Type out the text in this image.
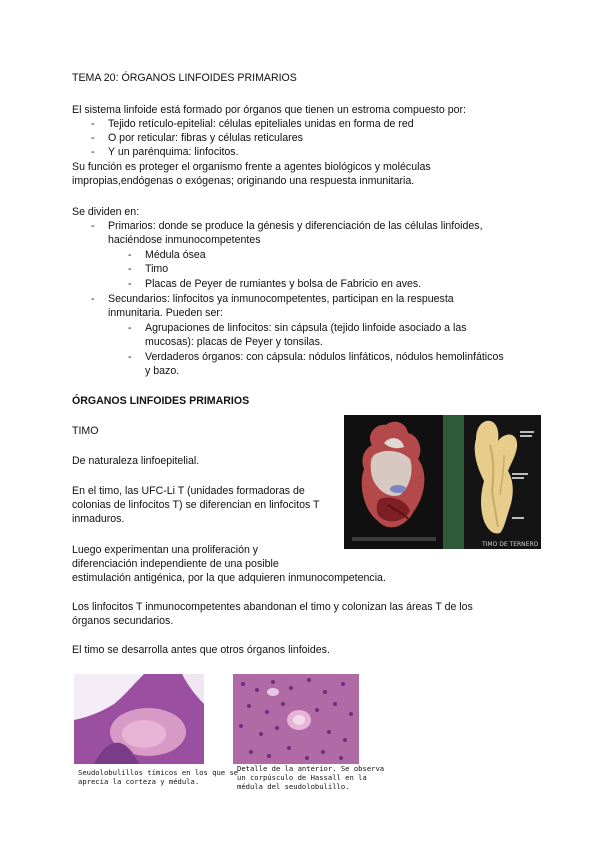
TEMA 20: ÓRGANOS LINFOIDES PRIMARIOS
El sistema linfoide está formado por órganos que tienen un estroma compuesto por:
- Tejido retículo-epitelial: células epiteliales unidas en forma de red
- O por reticular: fibras y células reticulares
- Y un parénquima: linfocitos.
Su función es proteger el organismo frente a agentes biológicos y moléculas
impropias,endógenas o exógenas; originando una respuesta inmunitaria.
Se dividen en:
- Primarios: donde se produce la génesis y diferenciación de las células linfoides,
haciéndose inmunocompetentes
- Médula ósea
- Timo
- Placas de Peyer de rumiantes y bolsa de Fabricio en aves.
- Secundarios: linfocitos ya inmunocompetentes, participan en la respuesta
inmunitaria. Pueden ser:
- Agrupaciones de linfocitos: sin cápsula (tejido linfoide asociado a las
mucosas): placas de Peyer y tonsilas.
- Verdaderos órganos: con cápsula: nódulos linfáticos, nódulos hemolinfáticos
y bazo.
ÓRGANOS LINFOIDES PRIMARIOS
TIMO
De naturaleza linfoepitelial.
En el timo, las UFC-Li T (unidades formadoras de
colonias de linfocitos T) se diferencian en linfocitos T
inmaduros.
Luego experimentan una proliferación y
diferenciación independiente de una posible
estimulación antigénica, por la que adquieren inmunocompetencia.
Los linfocitos T inmunocompetentes abandonan el timo y colonizan las áreas T de los
órganos secundarios.
El timo se desarrolla antes que otros órganos linfoides.
TIMO DE TERNERO
Seudolobulillos tímicos en los que se
aprecia la corteza y médula.
Detalle de la anterior. Se observa
un corpúsculo de Hassall en la
médula del seudolobulillo.
